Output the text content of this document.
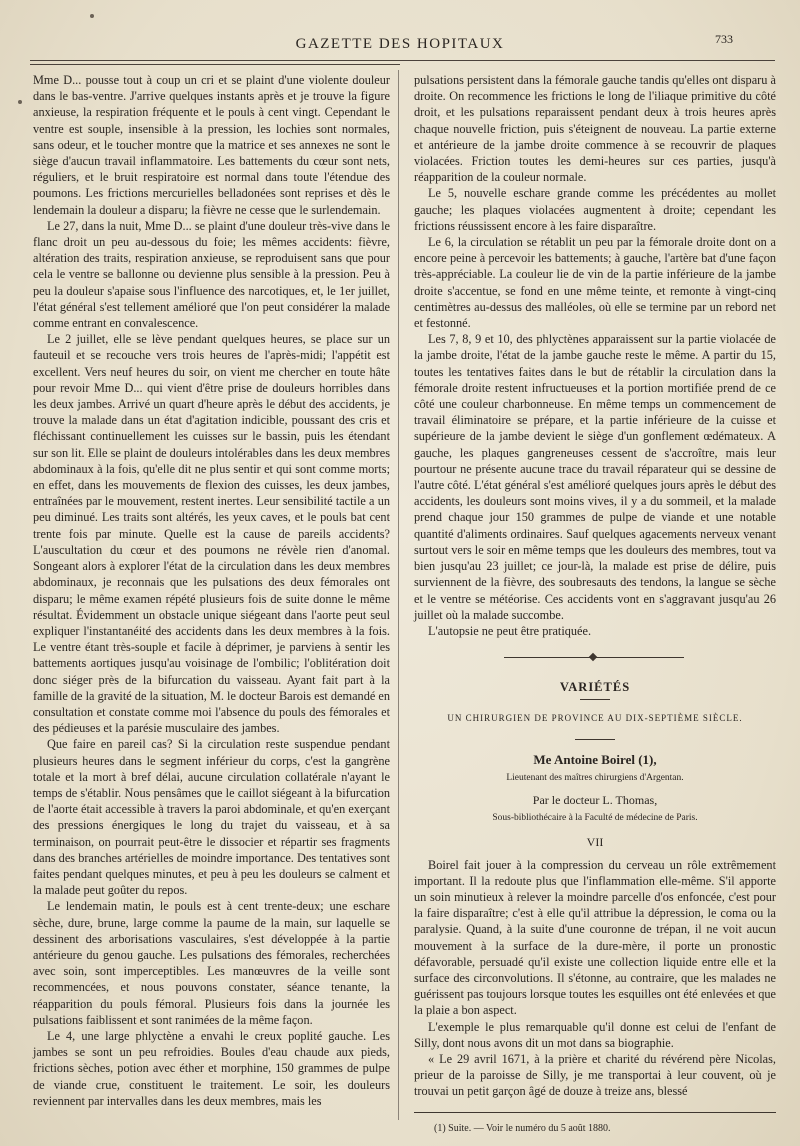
GAZETTE DES HOPITAUX	733

Mme D... pousse tout à coup un cri et se plaint d'une violente douleur dans le bas-ventre. J'arrive quelques instants après et je trouve la figure anxieuse, la respiration fréquente et le pouls à cent vingt. Cependant le ventre est souple, insensible à la pression, les lochies sont normales, sans odeur, et le toucher montre que la matrice et ses annexes ne sont le siège d'aucun travail inflammatoire. Les battements du cœur sont nets, réguliers, et le bruit respiratoire est normal dans toute l'étendue des poumons. Les frictions mercurielles belladonées sont reprises et dès le lendemain la douleur a disparu; la fièvre ne cesse que le surlendemain.

Le 27, dans la nuit, Mme D... se plaint d'une douleur très-vive dans le flanc droit un peu au-dessous du foie; les mêmes accidents: fièvre, altération des traits, respiration anxieuse, se reproduisent sans que pour cela le ventre se ballonne ou devienne plus sensible à la pression. Peu à peu la douleur s'apaise sous l'influence des narcotiques, et, le 1er juillet, l'état général s'est tellement amélioré que l'on peut considérer la malade comme entrant en convalescence.

Le 2 juillet, elle se lève pendant quelques heures, se place sur un fauteuil et se recouche vers trois heures de l'après-midi; l'appétit est excellent. Vers neuf heures du soir, on vient me chercher en toute hâte pour revoir Mme D... qui vient d'être prise de douleurs horribles dans les deux jambes. Arrivé un quart d'heure après le début des accidents, je trouve la malade dans un état d'agitation indicible, poussant des cris et fléchissant continuellement les cuisses sur le bassin, puis les étendant sur son lit. Elle se plaint de douleurs intolérables dans les deux membres abdominaux à la fois, qu'elle dit ne plus sentir et qui sont comme morts; en effet, dans les mouvements de flexion des cuisses, les deux jambes, entraînées par le mouvement, restent inertes. Leur sensibilité tactile a un peu diminué. Les traits sont altérés, les yeux caves, et le pouls bat cent trente fois par minute. Quelle est la cause de pareils accidents? L'auscultation du cœur et des poumons ne révèle rien d'anomal. Songeant alors à explorer l'état de la circulation dans les deux membres abdominaux, je reconnais que les pulsations des deux fémorales ont disparu; le même examen répété plusieurs fois de suite donne le même résultat. Évidemment un obstacle unique siégeant dans l'aorte peut seul expliquer l'instantanéité des accidents dans les deux membres à la fois. Le ventre étant très-souple et facile à déprimer, je parviens à sentir les battements aortiques jusqu'au voisinage de l'ombilic; l'oblitération doit donc siéger près de la bifurcation du vaisseau. Ayant fait part à la famille de la gravité de la situation, M. le docteur Barois est demandé en consultation et constate comme moi l'absence du pouls des fémorales et des pédieuses et la parésie musculaire des jambes.

Que faire en pareil cas? Si la circulation reste suspendue pendant plusieurs heures dans le segment inférieur du corps, c'est la gangrène totale et la mort à bref délai, aucune circulation collatérale n'ayant le temps de s'établir. Nous pensâmes que le caillot siégeant à la bifurcation de l'aorte était accessible à travers la paroi abdominale, et qu'en exerçant des pressions énergiques le long du trajet du vaisseau, et à sa terminaison, on pourrait peut-être le dissocier et répartir ses fragments dans des branches artérielles de moindre importance. Des tentatives sont faites pendant quelques minutes, et peu à peu les douleurs se calment et la malade peut goûter du repos.

Le lendemain matin, le pouls est à cent trente-deux; une eschare sèche, dure, brune, large comme la paume de la main, sur laquelle se dessinent des arborisations vasculaires, s'est développée à la partie antérieure du genou gauche. Les pulsations des fémorales, recherchées avec soin, sont imperceptibles. Les manœuvres de la veille sont recommencées, et nous pouvons constater, séance tenante, la réapparition du pouls fémoral. Plusieurs fois dans la journée les pulsations faiblissent et sont ranimées de la même façon.

Le 4, une large phlyctène a envahi le creux poplité gauche. Les jambes se sont un peu refroidies. Boules d'eau chaude aux pieds, frictions sèches, potion avec éther et morphine, 150 grammes de pulpe de viande crue, constituent le traitement. Le soir, les douleurs reviennent par intervalles dans les deux membres, mais les

pulsations persistent dans la fémorale gauche tandis qu'elles ont disparu à droite. On recommence les frictions le long de l'iliaque primitive du côté droit, et les pulsations reparaissent pendant deux à trois heures après chaque nouvelle friction, puis s'éteignent de nouveau. La partie externe et antérieure de la jambe droite commence à se recouvrir de plaques violacées. Friction toutes les demi-heures sur ces parties, jusqu'à réapparition de la couleur normale.

Le 5, nouvelle eschare grande comme les précédentes au mollet gauche; les plaques violacées augmentent à droite; cependant les frictions réussissent encore à les faire disparaître.

Le 6, la circulation se rétablit un peu par la fémorale droite dont on a encore peine à percevoir les battements; à gauche, l'artère bat d'une façon très-appréciable. La couleur lie de vin de la partie inférieure de la jambe droite s'accentue, se fond en une même teinte, et remonte à vingt-cinq centimètres au-dessus des malléoles, où elle se termine par un rebord net et festonné.

Les 7, 8, 9 et 10, des phlyctènes apparaissent sur la partie violacée de la jambe droite, l'état de la jambe gauche reste le même. A partir du 15, toutes les tentatives faites dans le but de rétablir la circulation dans la fémorale droite restent infructueuses et la portion mortifiée prend de ce côté une couleur charbonneuse. En même temps un commencement de travail éliminatoire se prépare, et la partie inférieure de la cuisse et supérieure de la jambe devient le siège d'un gonflement œdémateux. A gauche, les plaques gangreneuses cessent de s'accroître, mais leur pourtour ne présente aucune trace du travail réparateur qui se dessine de l'autre côté. L'état général s'est amélioré quelques jours après le début des accidents, les douleurs sont moins vives, il y a du sommeil, et la malade prend chaque jour 150 grammes de pulpe de viande et une notable quantité d'aliments ordinaires. Sauf quelques agacements nerveux venant surtout vers le soir en même temps que les douleurs des membres, tout va bien jusqu'au 23 juillet; ce jour-là, la malade est prise de délire, puis surviennent de la fièvre, des soubresauts des tendons, la langue se sèche et le ventre se météorise. Ces accidents vont en s'aggravant jusqu'au 26 juillet où la malade succombe.

L'autopsie ne peut être pratiquée.

VARIÉTÉS
UN CHIRURGIEN DE PROVINCE AU DIX-SEPTIÈME SIÈCLE.
Me Antoine Boirel (1),
Lieutenant des maîtres chirurgiens d'Argentan.
Par le docteur L. Thomas,
Sous-bibliothécaire à la Faculté de médecine de Paris.
VII

Boirel fait jouer à la compression du cerveau un rôle extrêmement important. Il la redoute plus que l'inflammation elle-même. S'il apporte un soin minutieux à relever la moindre parcelle d'os enfoncée, c'est pour la faire disparaître; c'est à elle qu'il attribue la dépression, le coma ou la paralysie. Quand, à la suite d'une couronne de trépan, il ne voit aucun mouvement à la surface de la dure-mère, il porte un pronostic défavorable, persuadé qu'il existe une collection liquide entre elle et la surface des circonvolutions. Il s'étonne, au contraire, que les malades ne guérissent pas toujours lorsque toutes les esquilles ont été enlevées et que la plaie a bon aspect.

L'exemple le plus remarquable qu'il donne est celui de l'enfant de Silly, dont nous avons dit un mot dans sa biographie.

« Le 29 avril 1671, à la prière et charité du révérend père Nicolas, prieur de la paroisse de Silly, je me transportai à leur couvent, où je trouvai un petit garçon âgé de douze à treize ans, blessé

(1) Suite. — Voir le numéro du 5 août 1880.
